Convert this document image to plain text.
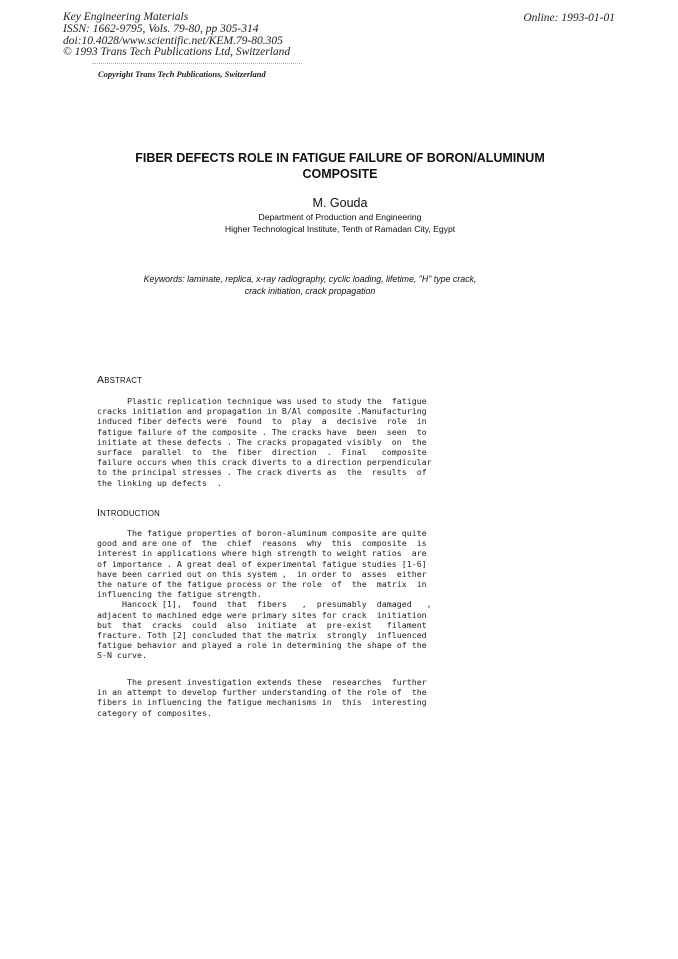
Key Engineering Materials
ISSN: 1662-9795, Vols. 79-80, pp 305-314
doi:10.4028/www.scientific.net/KEM.79-80.305
© 1993 Trans Tech Publications Ltd, Switzerland
Online: 1993-01-01
Copyright Trans Tech Publications, Switzerland
FIBER DEFECTS ROLE IN FATIGUE FAILURE OF BORON/ALUMINUM
COMPOSITE
M. Gouda
Department of Production and Engineering
Higher Technological Institute, Tenth of Ramadan City, Egypt
Keywords: laminate, replica, x-ray radiography, cyclic loading, lifetime, "H" type crack,
crack initiation, crack propagation
ABSTRACT
Plastic replication technique was used to study the  fatigue
cracks initiation and propagation in B/Al composite .Manufacturing
induced fiber defects were  found  to  play  a  decisive  role  in
fatigue failure of the composite . The cracks have  been  seen  to
initiate at these defects . The cracks propagated visibly  on  the
surface  parallel  to  the  fiber  direction  .  Final   composite
failure occurs when this crack diverts to a direction perpendicular
to the principal stresses . The crack diverts as  the  results  of
the linking up defects  .
INTRODUCTION
The fatigue properties of boron-aluminum composite are quite
good and are one of  the  chief  reasons  why  this  composite  is
interest in applications where high strength to weight ratios  are
of importance . A great deal of experimental fatigue studies [1-6]
have been carried out on this system ,  in order to  asses  either
the nature of the fatigue process or the role  of  the  matrix  in
influencing the fatigue strength.
Hancock [1],  found  that  fibers   ,  presumably  damaged   ,
adjacent to machined edge were primary sites for crack  initiation
but  that  cracks  could  also  initiate  at  pre-exist   filament
fracture. Toth [2] concluded that the matrix  strongly  influenced
fatigue behavior and played a role in determining the shape of the
S-N curve.
The present investigation extends these  researches  further
in an attempt to develop further understanding of the role of  the
fibers in influencing the fatigue mechanisms in  this  interesting
category of composites.
